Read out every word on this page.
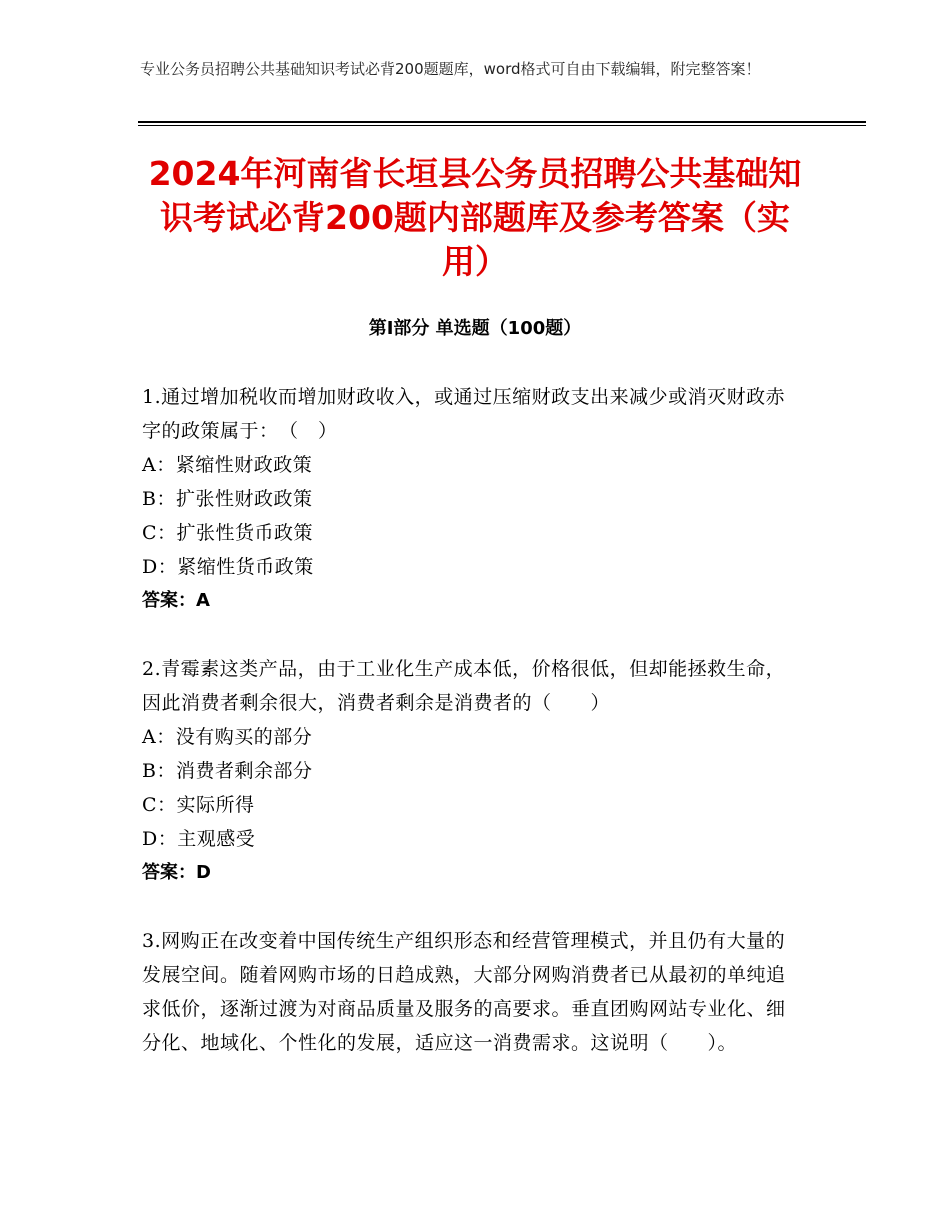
专业公务员招聘公共基础知识考试必背200题题库，word格式可自由下载编辑，附完整答案！
2024年河南省长垣县公务员招聘公共基础知识考试必背200题内部题库及参考答案（实用）
第Ⅰ部分 单选题（100题）
1.通过增加税收而增加财政收入，或通过压缩财政支出来减少或消灭财政赤字的政策属于：　（　）
A：紧缩性财政政策
B：扩张性财政政策
C：扩张性货币政策
D：紧缩性货币政策
答案：A
2.青霉素这类产品，由于工业化生产成本低，价格很低，但却能拯救生命，因此消费者剩余很大，消费者剩余是消费者的（　　）
A：没有购买的部分
B：消费者剩余部分
C：实际所得
D：主观感受
答案：D
3.网购正在改变着中国传统生产组织形态和经营管理模式，并且仍有大量的发展空间。随着网购市场的日趋成熟，大部分网购消费者已从最初的单纯追求低价，逐渐过渡为对商品质量及服务的高要求。垂直团购网站专业化、细分化、地域化、个性化的发展，适应这一消费需求。这说明（　　）。
